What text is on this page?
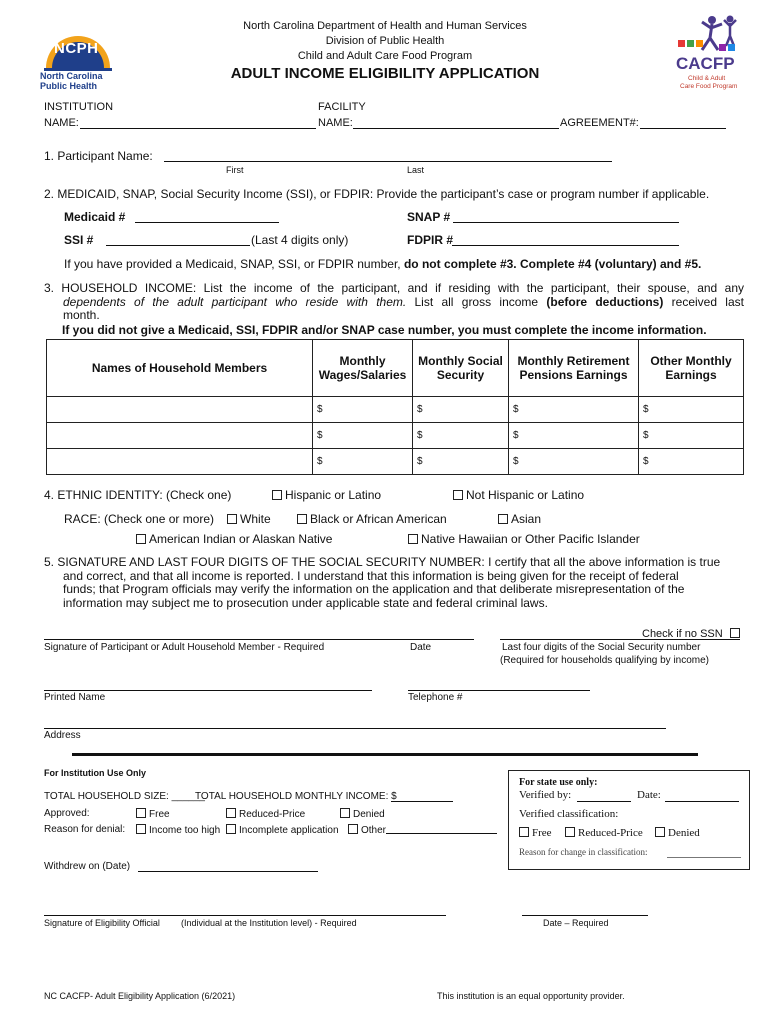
NCPH
North Carolina
Public Health
North Carolina Department of Health and Human Services
Division of Public Health
Child and Adult Care Food Program
ADULT INCOME ELIGIBILITY APPLICATION
CACFP
Child & Adult
Care Food Program
INSTITUTION
NAME:
FACILITY
NAME:	AGREEMENT#:
1. Participant Name:
First	Last
2. MEDICAID, SNAP, Social Security Income (SSI), or FDPIR: Provide the participant’s case or program number if applicable.
Medicaid #	SNAP #
SSI #	(Last 4 digits only)	FDPIR #
If you have provided a Medicaid, SNAP, SSI, or FDPIR number, do not complete #3. Complete #4 (voluntary) and #5.
3. HOUSEHOLD INCOME: List the income of the participant, and if residing with the participant, their spouse, and any
dependents of the adult participant who reside with them. List all gross income (before deductions) received last
month.
If you did not give a Medicaid, SSI, FDPIR and/or SNAP case number, you must complete the income information.
Names of Household Members	Monthly Wages/Salaries	Monthly Social Security	Monthly Retirement Pensions Earnings	Other Monthly Earnings
	$	$	$	$
	$	$	$	$
	$	$	$	$
4. ETHNIC IDENTITY: (Check one)	Hispanic or Latino	Not Hispanic or Latino
RACE: (Check one or more)	White	Black or African American	Asian
American Indian or Alaskan Native	Native Hawaiian or Other Pacific Islander
5. SIGNATURE AND LAST FOUR DIGITS OF THE SOCIAL SECURITY NUMBER: I certify that all the above information is true
and correct, and that all income is reported. I understand that this information is being given for the receipt of federal
funds; that Program officials may verify the information on the application and that deliberate misrepresentation of the
information may subject me to prosecution under applicable state and federal criminal laws.
Check if no SSN
Signature of Participant or Adult Household Member - Required	Date	Last four digits of the Social Security number
(Required for households qualifying by income)
Printed Name	Telephone #
Address
For Institution Use Only
TOTAL HOUSEHOLD SIZE: ______
TOTAL HOUSEHOLD MONTHLY INCOME: $
Approved:	Free	Reduced-Price	Denied
Reason for denial:	Income too high	Incomplete application	Other
Withdrew on (Date)
Signature of Eligibility Official (Individual at the Institution level) - Required	Date – Required
For state use only:
Verified by:	Date:
Verified classification:
Free	Reduced-Price	Denied
Reason for change in classification:
NC CACFP- Adult Eligibility Application (6/2021)	This institution is an equal opportunity provider.
